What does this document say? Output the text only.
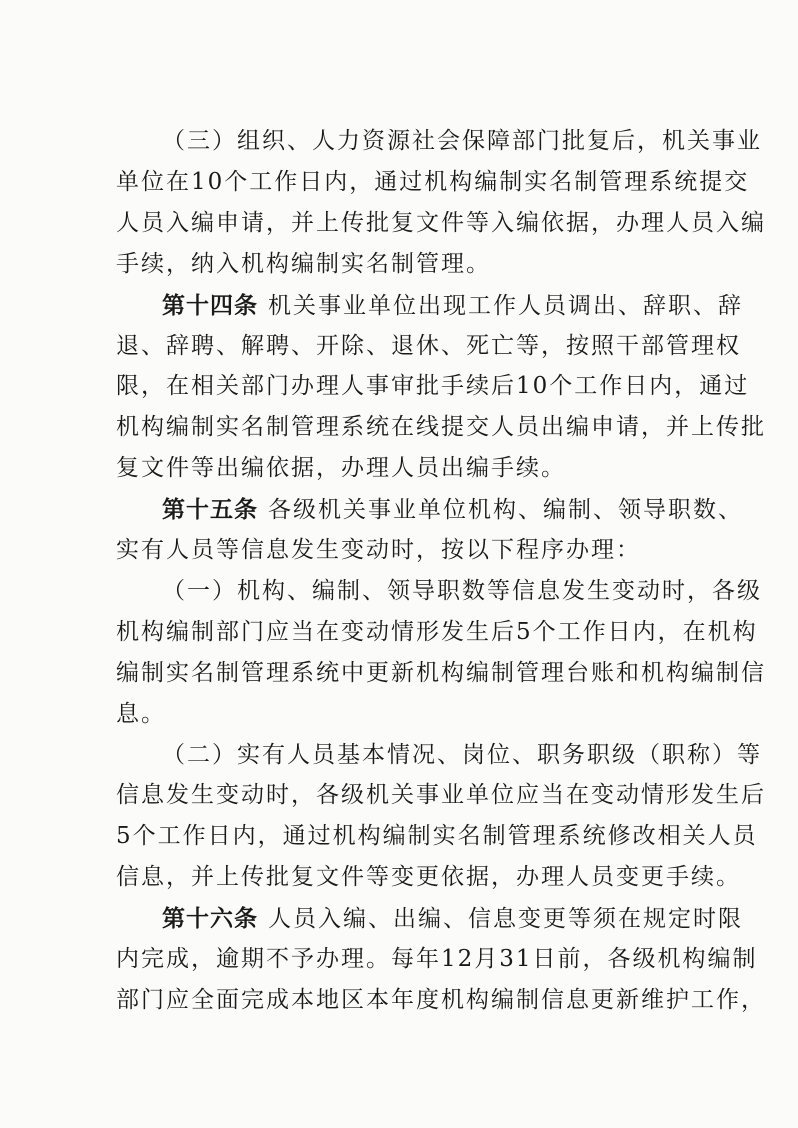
（三）组织、人力资源社会保障部门批复后，机关事业

单位在10个工作日内，通过机构编制实名制管理系统提交

人员入编申请，并上传批复文件等入编依据，办理人员入编

手续，纳入机构编制实名制管理。

第十四条 机关事业单位出现工作人员调出、辞职、辞

退、辞聘、解聘、开除、退休、死亡等，按照干部管理权

限，在相关部门办理人事审批手续后10个工作日内，通过

机构编制实名制管理系统在线提交人员出编申请，并上传批

复文件等出编依据，办理人员出编手续。

第十五条 各级机关事业单位机构、编制、领导职数、

实有人员等信息发生变动时，按以下程序办理：

（一）机构、编制、领导职数等信息发生变动时，各级

机构编制部门应当在变动情形发生后5个工作日内，在机构

编制实名制管理系统中更新机构编制管理台账和机构编制信

息。

（二）实有人员基本情况、岗位、职务职级（职称）等

信息发生变动时，各级机关事业单位应当在变动情形发生后

5个工作日内，通过机构编制实名制管理系统修改相关人员

信息，并上传批复文件等变更依据，办理人员变更手续。

第十六条 人员入编、出编、信息变更等须在规定时限

内完成，逾期不予办理。每年12月31日前，各级机构编制

部门应全面完成本地区本年度机构编制信息更新维护工作，
